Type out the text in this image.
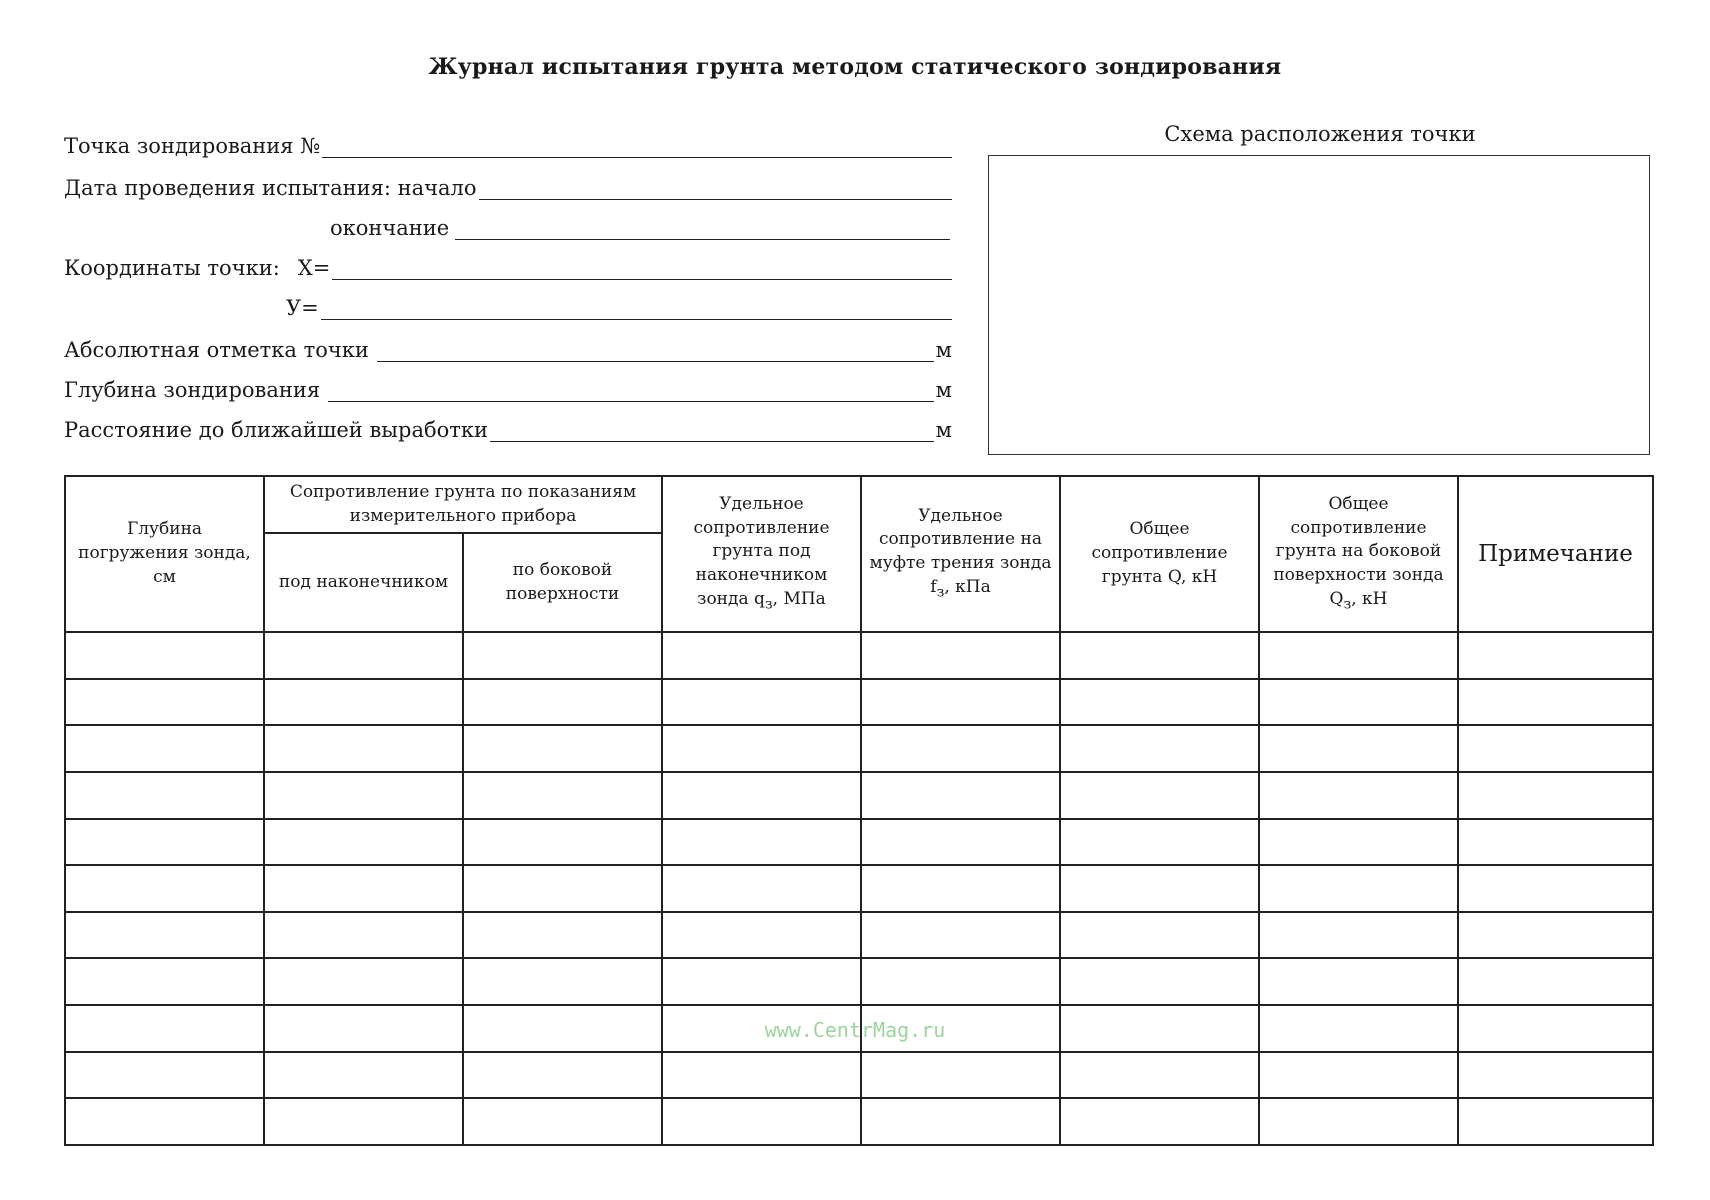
Журнал испытания грунта методом статического зондирования
Точка зондирования №
Дата проведения испытания: начало
окончание
Координаты точки: X=
У=
Абсолютная отметка точки	м
Глубина зондирования	м
Расстояние до ближайшей выработки	м
Схема расположения точки
Глубина погружения зонда, см	Сопротивление грунта по показаниям измерительного прибора		Удельное сопротивление грунта под наконечником зонда $q_з$, МПа	Удельное сопротивление на муфте трения зонда $f_з$, кПа	Общее сопротивление грунта Q, кН	Общее сопротивление грунта на боковой поверхности зонда $Q_з$, кН	Примечание
	под наконечником	по боковой поверхности					

www.CentrMag.ru
